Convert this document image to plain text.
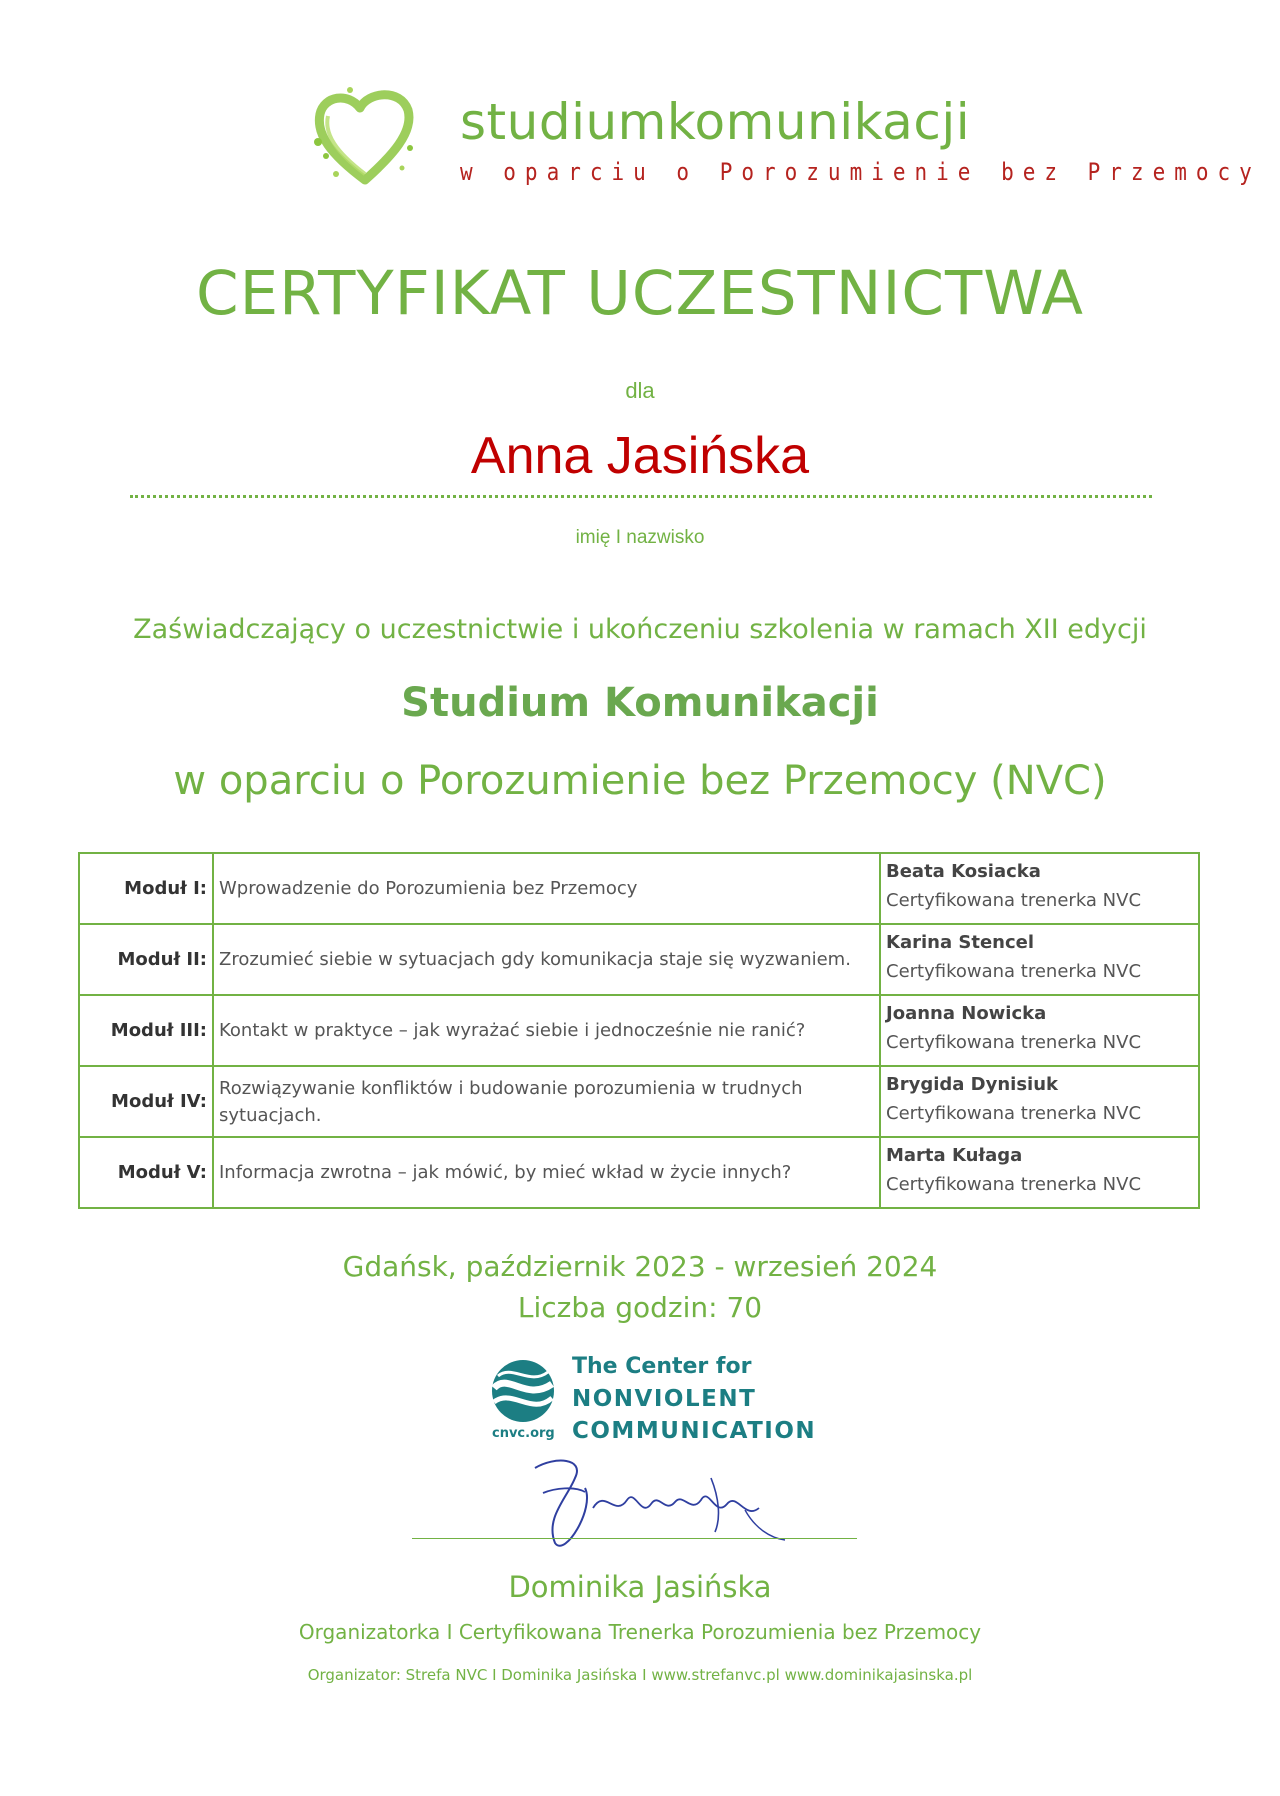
studiumkomunikacji
w oparciu o Porozumienie bez Przemocy
CERTYFIKAT UCZESTNICTWA
dla
Anna Jasińska
imię I nazwisko
Zaświadczający o uczestnictwie i ukończeniu szkolenia w ramach XII edycji
Studium Komunikacji
w oparciu o Porozumienie bez Przemocy (NVC)
Moduł I:	Wprowadzenie do Porozumienia bez Przemocy	Beata Kosiacka
Certyfikowana trenerka NVC

Moduł II:	Zrozumieć siebie w sytuacjach gdy komunikacja staje się wyzwaniem.	Karina Stencel
Certyfikowana trenerka NVC

Moduł III:	Kontakt w praktyce – jak wyrażać siebie i jednocześnie nie ranić?	Joanna Nowicka
Certyfikowana trenerka NVC

Moduł IV:	Rozwiązywanie konfliktów i budowanie porozumienia w trudnych sytuacjach.	Brygida Dynisiuk
Certyfikowana trenerka NVC

Moduł V:	Informacja zwrotna – jak mówić, by mieć wkład w życie innych?	Marta Kułaga
Certyfikowana trenerka NVC
Gdańsk, październik 2023 - wrzesień 2024
Liczba godzin: 70
cnvc.org
The Center for
NONVIOLENT
COMMUNICATION
Dominika Jasińska
Organizatorka I Certyfikowana Trenerka Porozumienia bez Przemocy
Organizator: Strefa NVC I Dominika Jasińska I www.strefanvc.pl www.dominikajasinska.pl
